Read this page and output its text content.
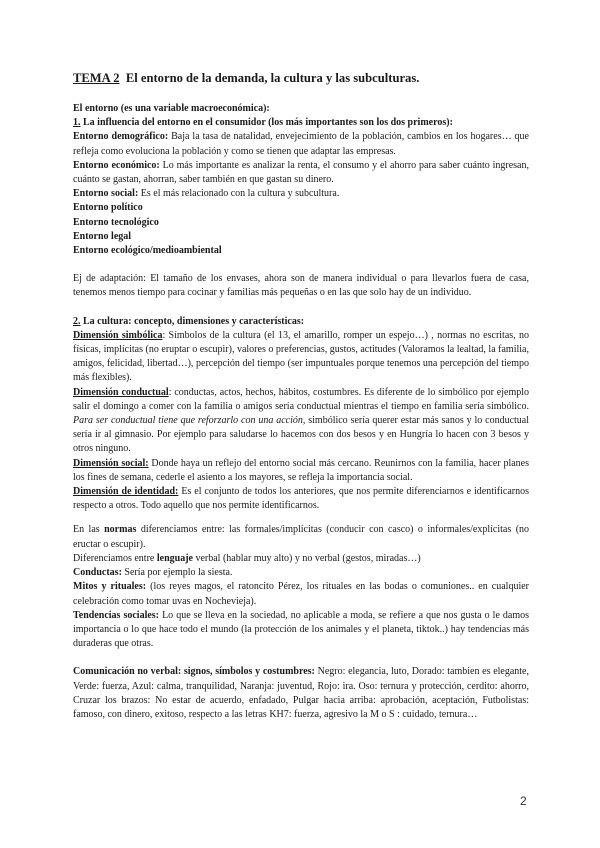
TEMA 2 El entorno de la demanda, la cultura y las subculturas.

El entorno (es una variable macroeconómica):

1. La influencia del entorno en el consumidor (los más importantes son los dos primeros):

Entorno demográfico: Baja la tasa de natalidad, envejecimiento de la población, cambios en los hogares… que refleja como evoluciona la población y como se tienen que adaptar las empresas.

Entorno económico: Lo más importante es analizar la renta, el consumo y el ahorro para saber cuánto ingresan, cuánto se gastan, ahorran, saber también en que gastan su dinero.

Entorno social: Es el más relacionado con la cultura y subcultura.

Entorno político

Entorno tecnológico

Entorno legal

Entorno ecológico/medioambiental

Ej de adaptación: El tamaño de los envases, ahora son de manera individual o para llevarlos fuera de casa, tenemos menos tiempo para cocinar y familias más pequeñas o en las que solo hay de un individuo.

2. La cultura: concepto, dimensiones y características:

Dimensión simbólica: Símbolos de la cultura (el 13, el amarillo, romper un espejo…) , normas no escritas, no físicas, implícitas (no eruptar o escupir), valores o preferencias, gustos, actitudes (Valoramos la lealtad, la familia, amigos, felicidad, libertad…), percepción del tiempo (ser impuntuales porque tenemos una percepción del tiempo más flexibles).

Dimensión conductual: conductas, actos, hechos, hábitos, costumbres. Es diferente de lo simbólico por ejemplo salir el domingo a comer con la familia o amigos sería conductual mientras el tiempo en familia sería simbólico. Para ser conductual tiene que reforzarlo con una acción, simbólico sería querer estar más sanos y lo conductual sería ir al gimnasio. Por ejemplo para saludarse lo hacemos con dos besos y en Hungría lo hacen con 3 besos y otros ninguno.

Dimensión social: Donde haya un reflejo del entorno social más cercano. Reunirnos con la familia, hacer planes los fines de semana, cederle el asiento a los mayores, se refleja la importancia social.

Dimensión de identidad: Es el conjunto de todos los anteriores, que nos permite diferenciarnos e identificarnos respecto a otros. Todo aquello que nos permite identificarnos.

En las normas diferenciamos entre: las formales/implícitas (conducir con casco) o informales/explícitas (no eructar o escupir).

Diferenciamos entre lenguaje verbal (hablar muy alto) y no verbal (gestos, miradas…)

Conductas: Sería por ejemplo la siesta.

Mitos y rituales: (los reyes magos, el ratoncito Pérez, los rituales en las bodas o comuniones.. en cualquier celebración como tomar uvas en Nochevieja).

Tendencias sociales: Lo que se lleva en la sociedad, no aplicable a moda, se refiere a que nos gusta o le damos importancia o lo que hace todo el mundo (la protección de los animales y el planeta, tiktok..) hay tendencias más duraderas que otras.

Comunicación no verbal: signos, símbolos y costumbres: Negro: elegancia, luto, Dorado: tambien es elegante, Verde: fuerza, Azul: calma, tranquilidad, Naranja: juventud, Rojo: ira. Oso: ternura y protección, cerdito: ahorro, Cruzar los brazos: No estar de acuerdo, enfadado, Pulgar hacia arriba: aprobación, aceptación, Futbolistas: famoso, con dinero, exitoso, respecto a las letras KH7: fuerza, agresivo la M o S : cuidado, ternura…

2
